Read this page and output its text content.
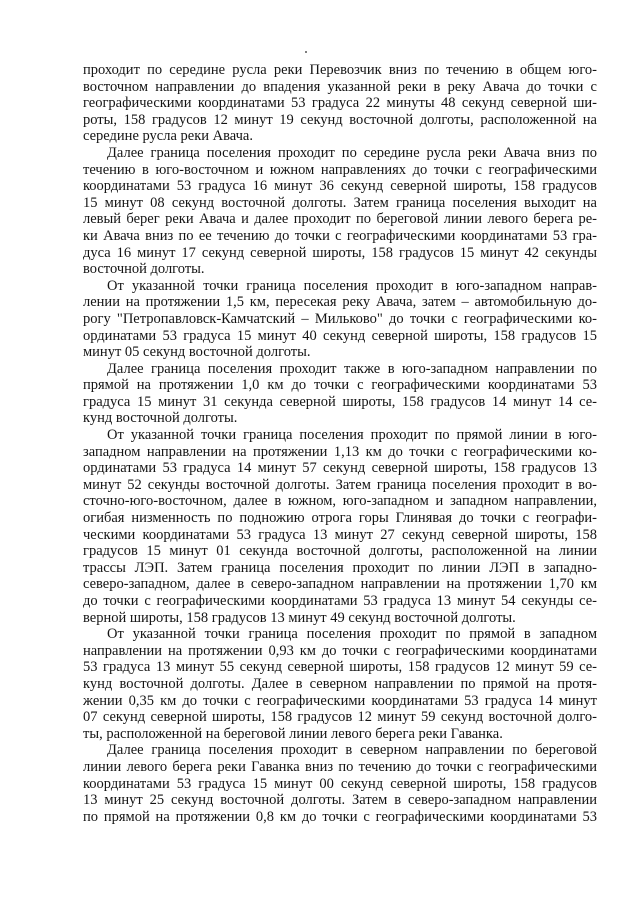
проходит по середине русла реки Перевозчик вниз по течению в общем юго-
восточном направлении до впадения указанной реки в реку Авача до точки с
географическими координатами 53 градуса 22 минуты 48 секунд северной ши-
роты, 158 градусов 12 минут 19 секунд восточной долготы, расположенной на
середине русла реки Авача.
Далее граница поселения проходит по середине русла реки Авача вниз по
течению в юго-восточном и южном направлениях до точки с географическими
координатами 53 градуса 16 минут 36 секунд северной широты, 158 градусов
15 минут 08 секунд восточной долготы. Затем граница поселения выходит на
левый берег реки Авача и далее проходит по береговой линии левого берега ре-
ки Авача вниз по ее течению до точки с географическими координатами 53 гра-
дуса 16 минут 17 секунд северной широты, 158 градусов 15 минут 42 секунды
восточной долготы.
От указанной точки граница поселения проходит в юго-западном направ-
лении на протяжении 1,5 км, пересекая реку Авача, затем – автомобильную до-
рогу "Петропавловск-Камчатский – Мильково" до точки с географическими ко-
ординатами 53 градуса 15 минут 40 секунд северной широты, 158 градусов 15
минут 05 секунд восточной долготы.
Далее граница поселения проходит также в юго-западном направлении по
прямой на протяжении 1,0 км до точки с географическими координатами 53
градуса 15 минут 31 секунда северной широты, 158 градусов 14 минут 14 се-
кунд восточной долготы.
От указанной точки граница поселения проходит по прямой линии в юго-
западном направлении на протяжении 1,13 км до точки с географическими ко-
ординатами 53 градуса 14 минут 57 секунд северной широты, 158 градусов 13
минут 52 секунды восточной долготы. Затем граница поселения проходит в во-
сточно-юго-восточном, далее в южном, юго-западном и западном направлении,
огибая низменность по подножию отрога горы Глинявая до точки с географи-
ческими координатами 53 градуса 13 минут 27 секунд северной широты, 158
градусов 15 минут 01 секунда восточной долготы, расположенной на линии
трассы ЛЭП. Затем граница поселения проходит по линии ЛЭП в западно-
северо-западном, далее в северо-западном направлении на протяжении 1,70 км
до точки с географическими координатами 53 градуса 13 минут 54 секунды се-
верной широты, 158 градусов 13 минут 49 секунд восточной долготы.
От указанной точки граница поселения проходит по прямой в западном
направлении на протяжении 0,93 км до точки с географическими координатами
53 градуса 13 минут 55 секунд северной широты, 158 градусов 12 минут 59 се-
кунд восточной долготы. Далее в северном направлении по прямой на протя-
жении 0,35 км до точки с географическими координатами 53 градуса 14 минут
07 секунд северной широты, 158 градусов 12 минут 59 секунд восточной долго-
ты, расположенной на береговой линии левого берега реки Гаванка.
Далее граница поселения проходит в северном направлении по береговой
линии левого берега реки Гаванка вниз по течению до точки с географическими
координатами 53 градуса 15 минут 00 секунд северной широты, 158 градусов
13 минут 25 секунд восточной долготы. Затем в северо-западном направлении
по прямой на протяжении 0,8 км до точки с географическими координатами 53
